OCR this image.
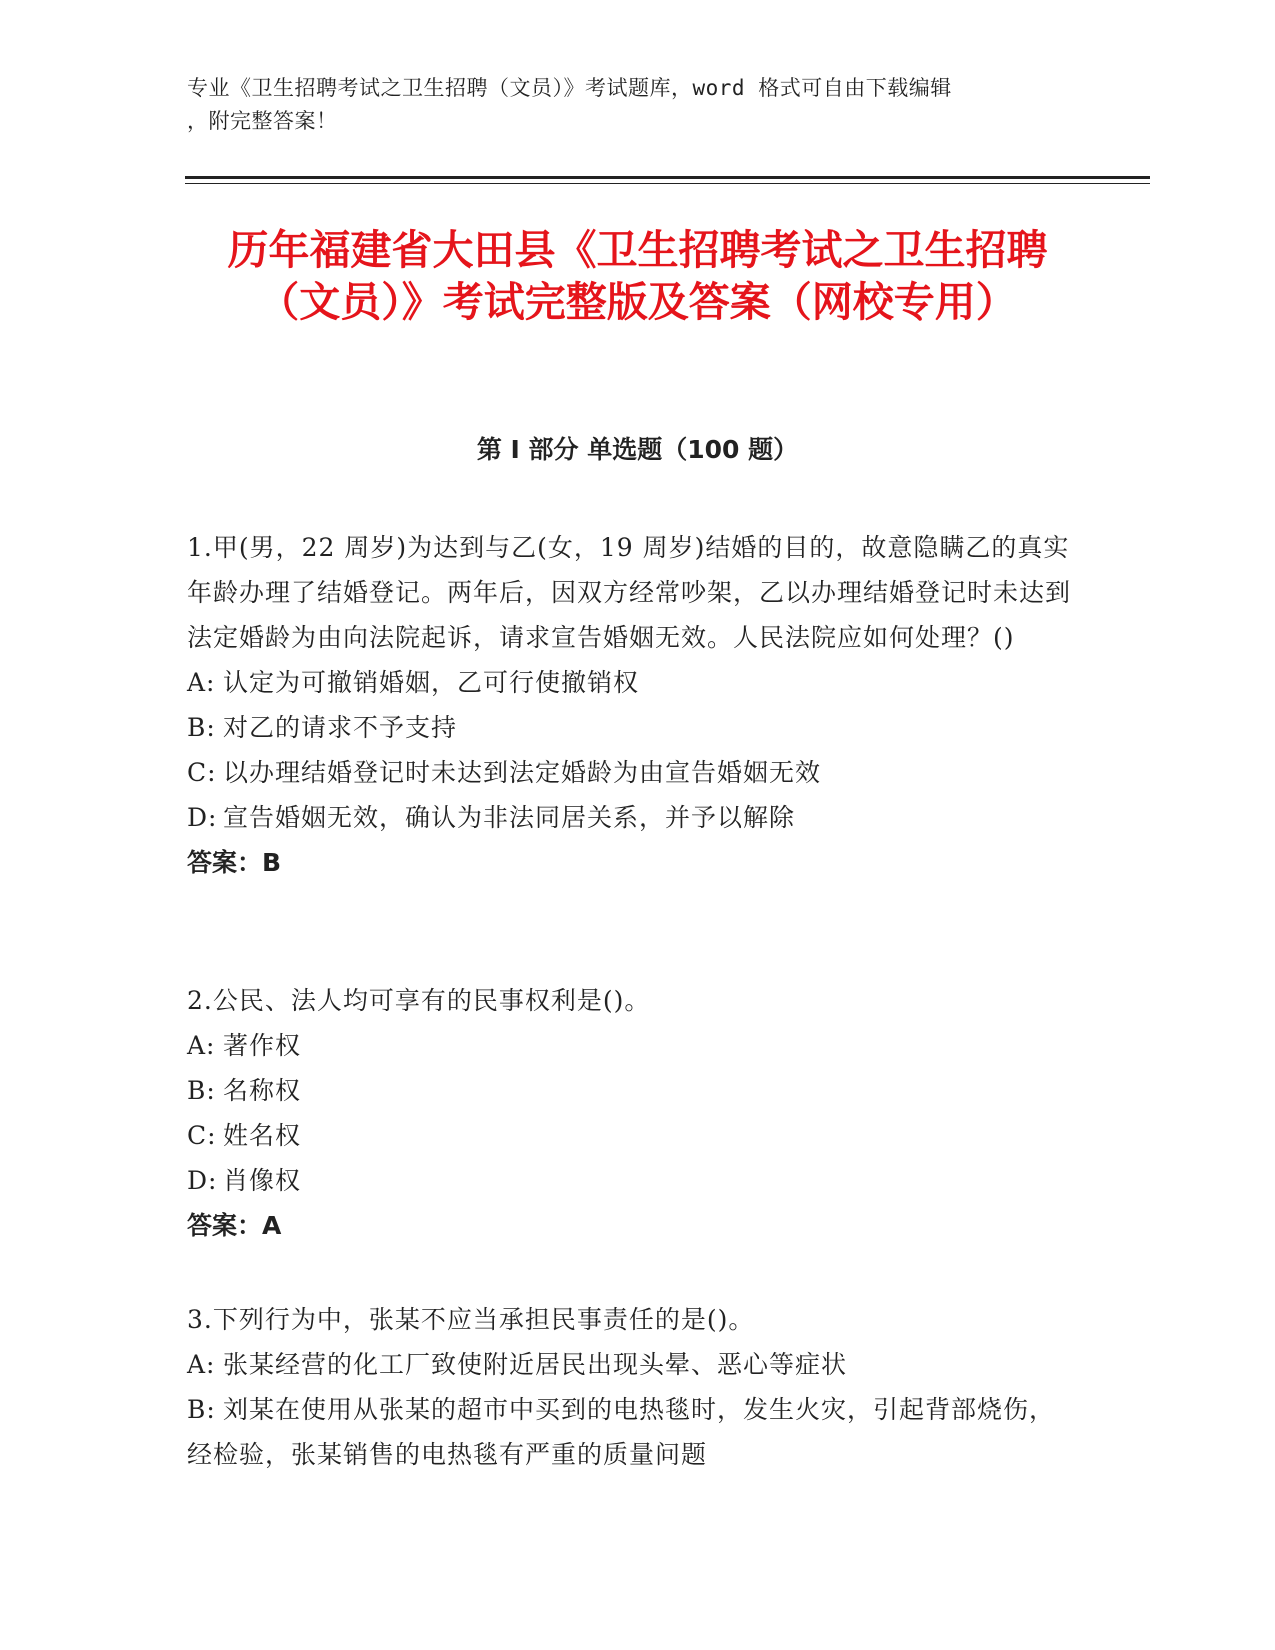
专业《卫生招聘考试之卫生招聘（文员）》考试题库，word 格式可自由下载编辑
，附完整答案！
历年福建省大田县《卫生招聘考试之卫生招聘（文员）》考试完整版及答案（网校专用）
第 I 部分 单选题（100 题）
1.甲(男，22 周岁)为达到与乙(女，19 周岁)结婚的目的，故意隐瞒乙的真实年龄办理了结婚登记。两年后，因双方经常吵架，乙以办理结婚登记时未达到法定婚龄为由向法院起诉，请求宣告婚姻无效。人民法院应如何处理？()
A: 认定为可撤销婚姻，乙可行使撤销权
B: 对乙的请求不予支持
C: 以办理结婚登记时未达到法定婚龄为由宣告婚姻无效
D: 宣告婚姻无效，确认为非法同居关系，并予以解除
答案：B
2.公民、法人均可享有的民事权利是()。
A: 著作权
B: 名称权
C: 姓名权
D: 肖像权
答案：A
3.下列行为中，张某不应当承担民事责任的是()。
A: 张某经营的化工厂致使附近居民出现头晕、恶心等症状
B: 刘某在使用从张某的超市中买到的电热毯时，发生火灾，引起背部烧伤，经检验，张某销售的电热毯有严重的质量问题
